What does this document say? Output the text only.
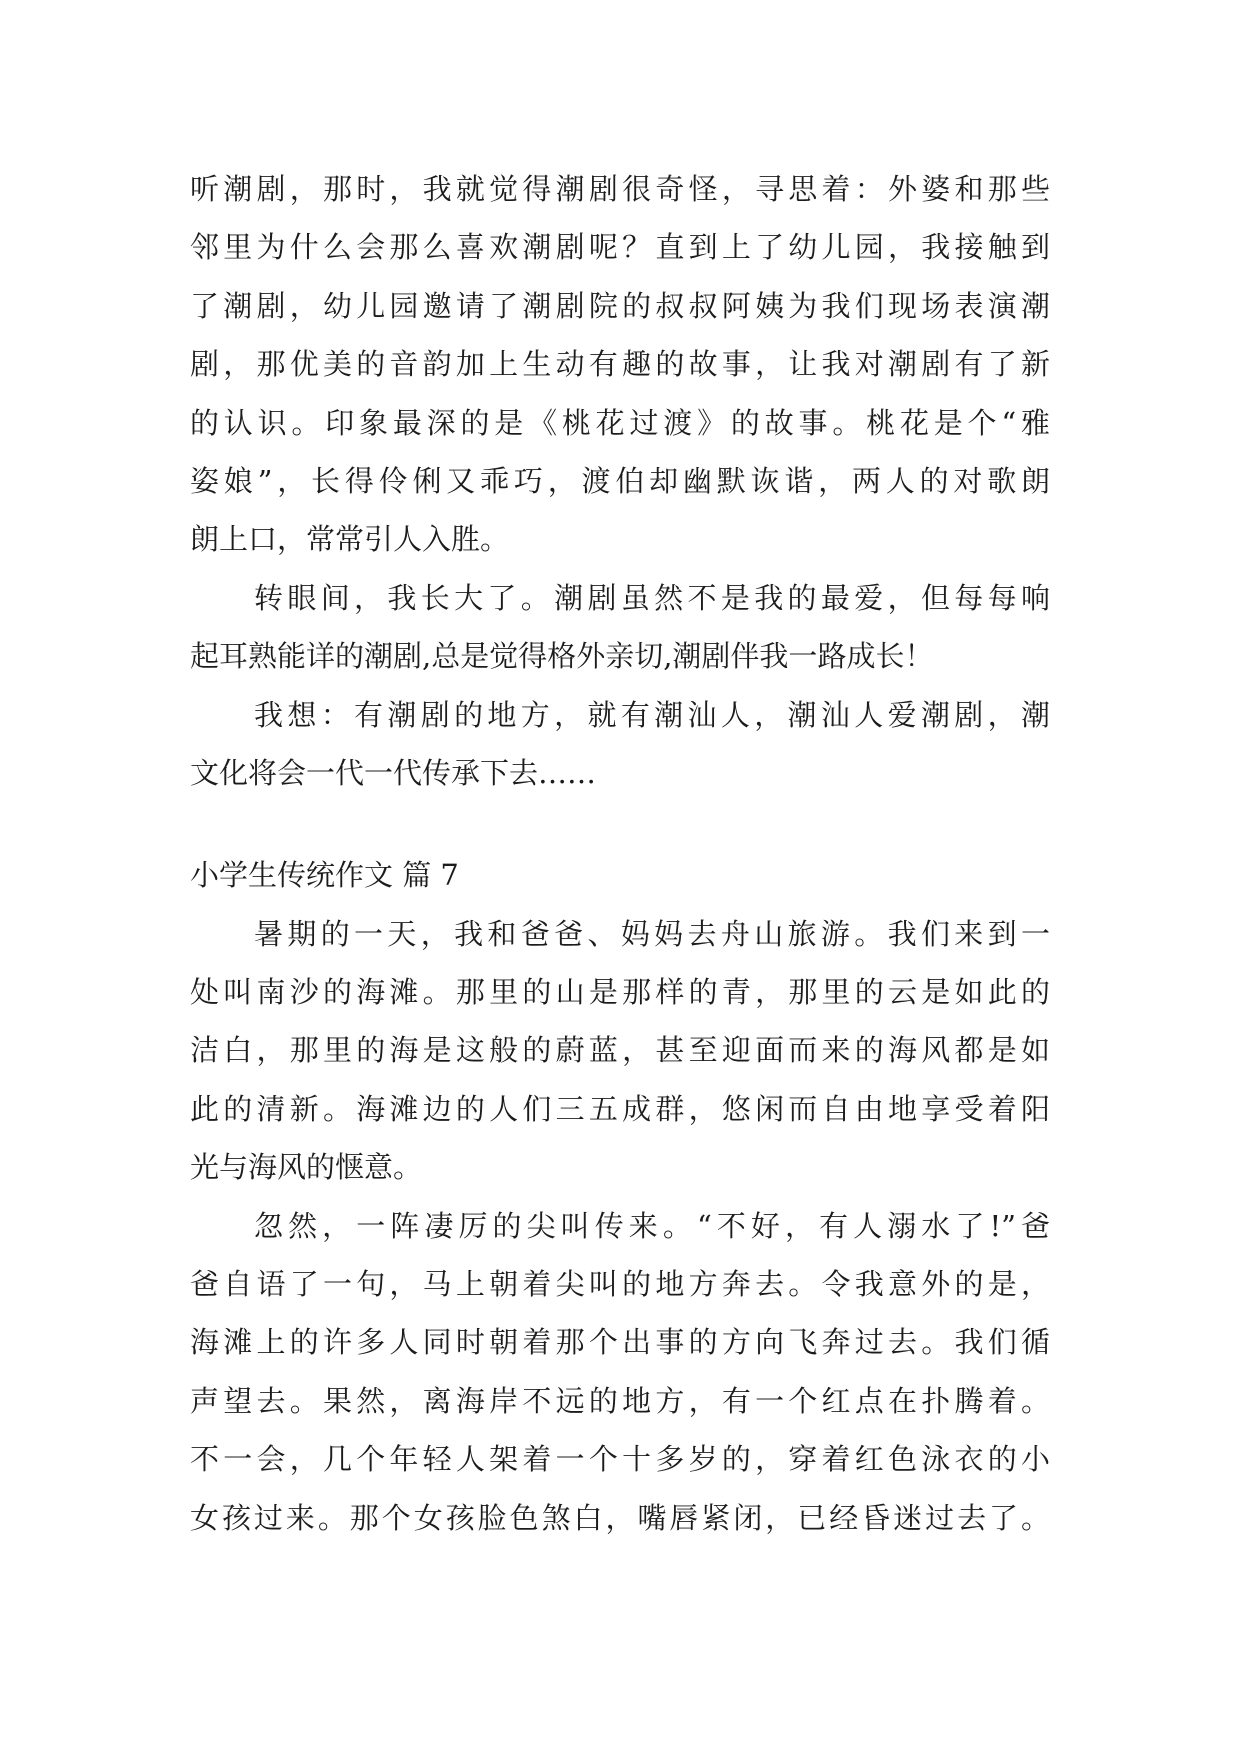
听潮剧，那时，我就觉得潮剧很奇怪，寻思着：外婆和那些
邻里为什么会那么喜欢潮剧呢？直到上了幼儿园，我接触到
了潮剧，幼儿园邀请了潮剧院的叔叔阿姨为我们现场表演潮
剧，那优美的音韵加上生动有趣的故事，让我对潮剧有了新
的认识。印象最深的是《桃花过渡》的故事。桃花是个“雅
姿娘”，长得伶俐又乖巧，渡伯却幽默诙谐，两人的对歌朗
朗上口，常常引人入胜。
转眼间，我长大了。潮剧虽然不是我的最爱，但每每响
起耳熟能详的潮剧,总是觉得格外亲切,潮剧伴我一路成长！
我想：有潮剧的地方，就有潮汕人，潮汕人爱潮剧，潮
文化将会一代一代传承下去……
小学生传统作文 篇 7
暑期的一天，我和爸爸、妈妈去舟山旅游。我们来到一
处叫南沙的海滩。那里的山是那样的青，那里的云是如此的
洁白，那里的海是这般的蔚蓝，甚至迎面而来的海风都是如
此的清新。海滩边的人们三五成群，悠闲而自由地享受着阳
光与海风的惬意。
忽然，一阵凄厉的尖叫传来。“不好，有人溺水了!”爸
爸自语了一句，马上朝着尖叫的地方奔去。令我意外的是，
海滩上的许多人同时朝着那个出事的方向飞奔过去。我们循
声望去。果然，离海岸不远的地方，有一个红点在扑腾着。
不一会，几个年轻人架着一个十多岁的，穿着红色泳衣的小
女孩过来。那个女孩脸色煞白，嘴唇紧闭，已经昏迷过去了。
